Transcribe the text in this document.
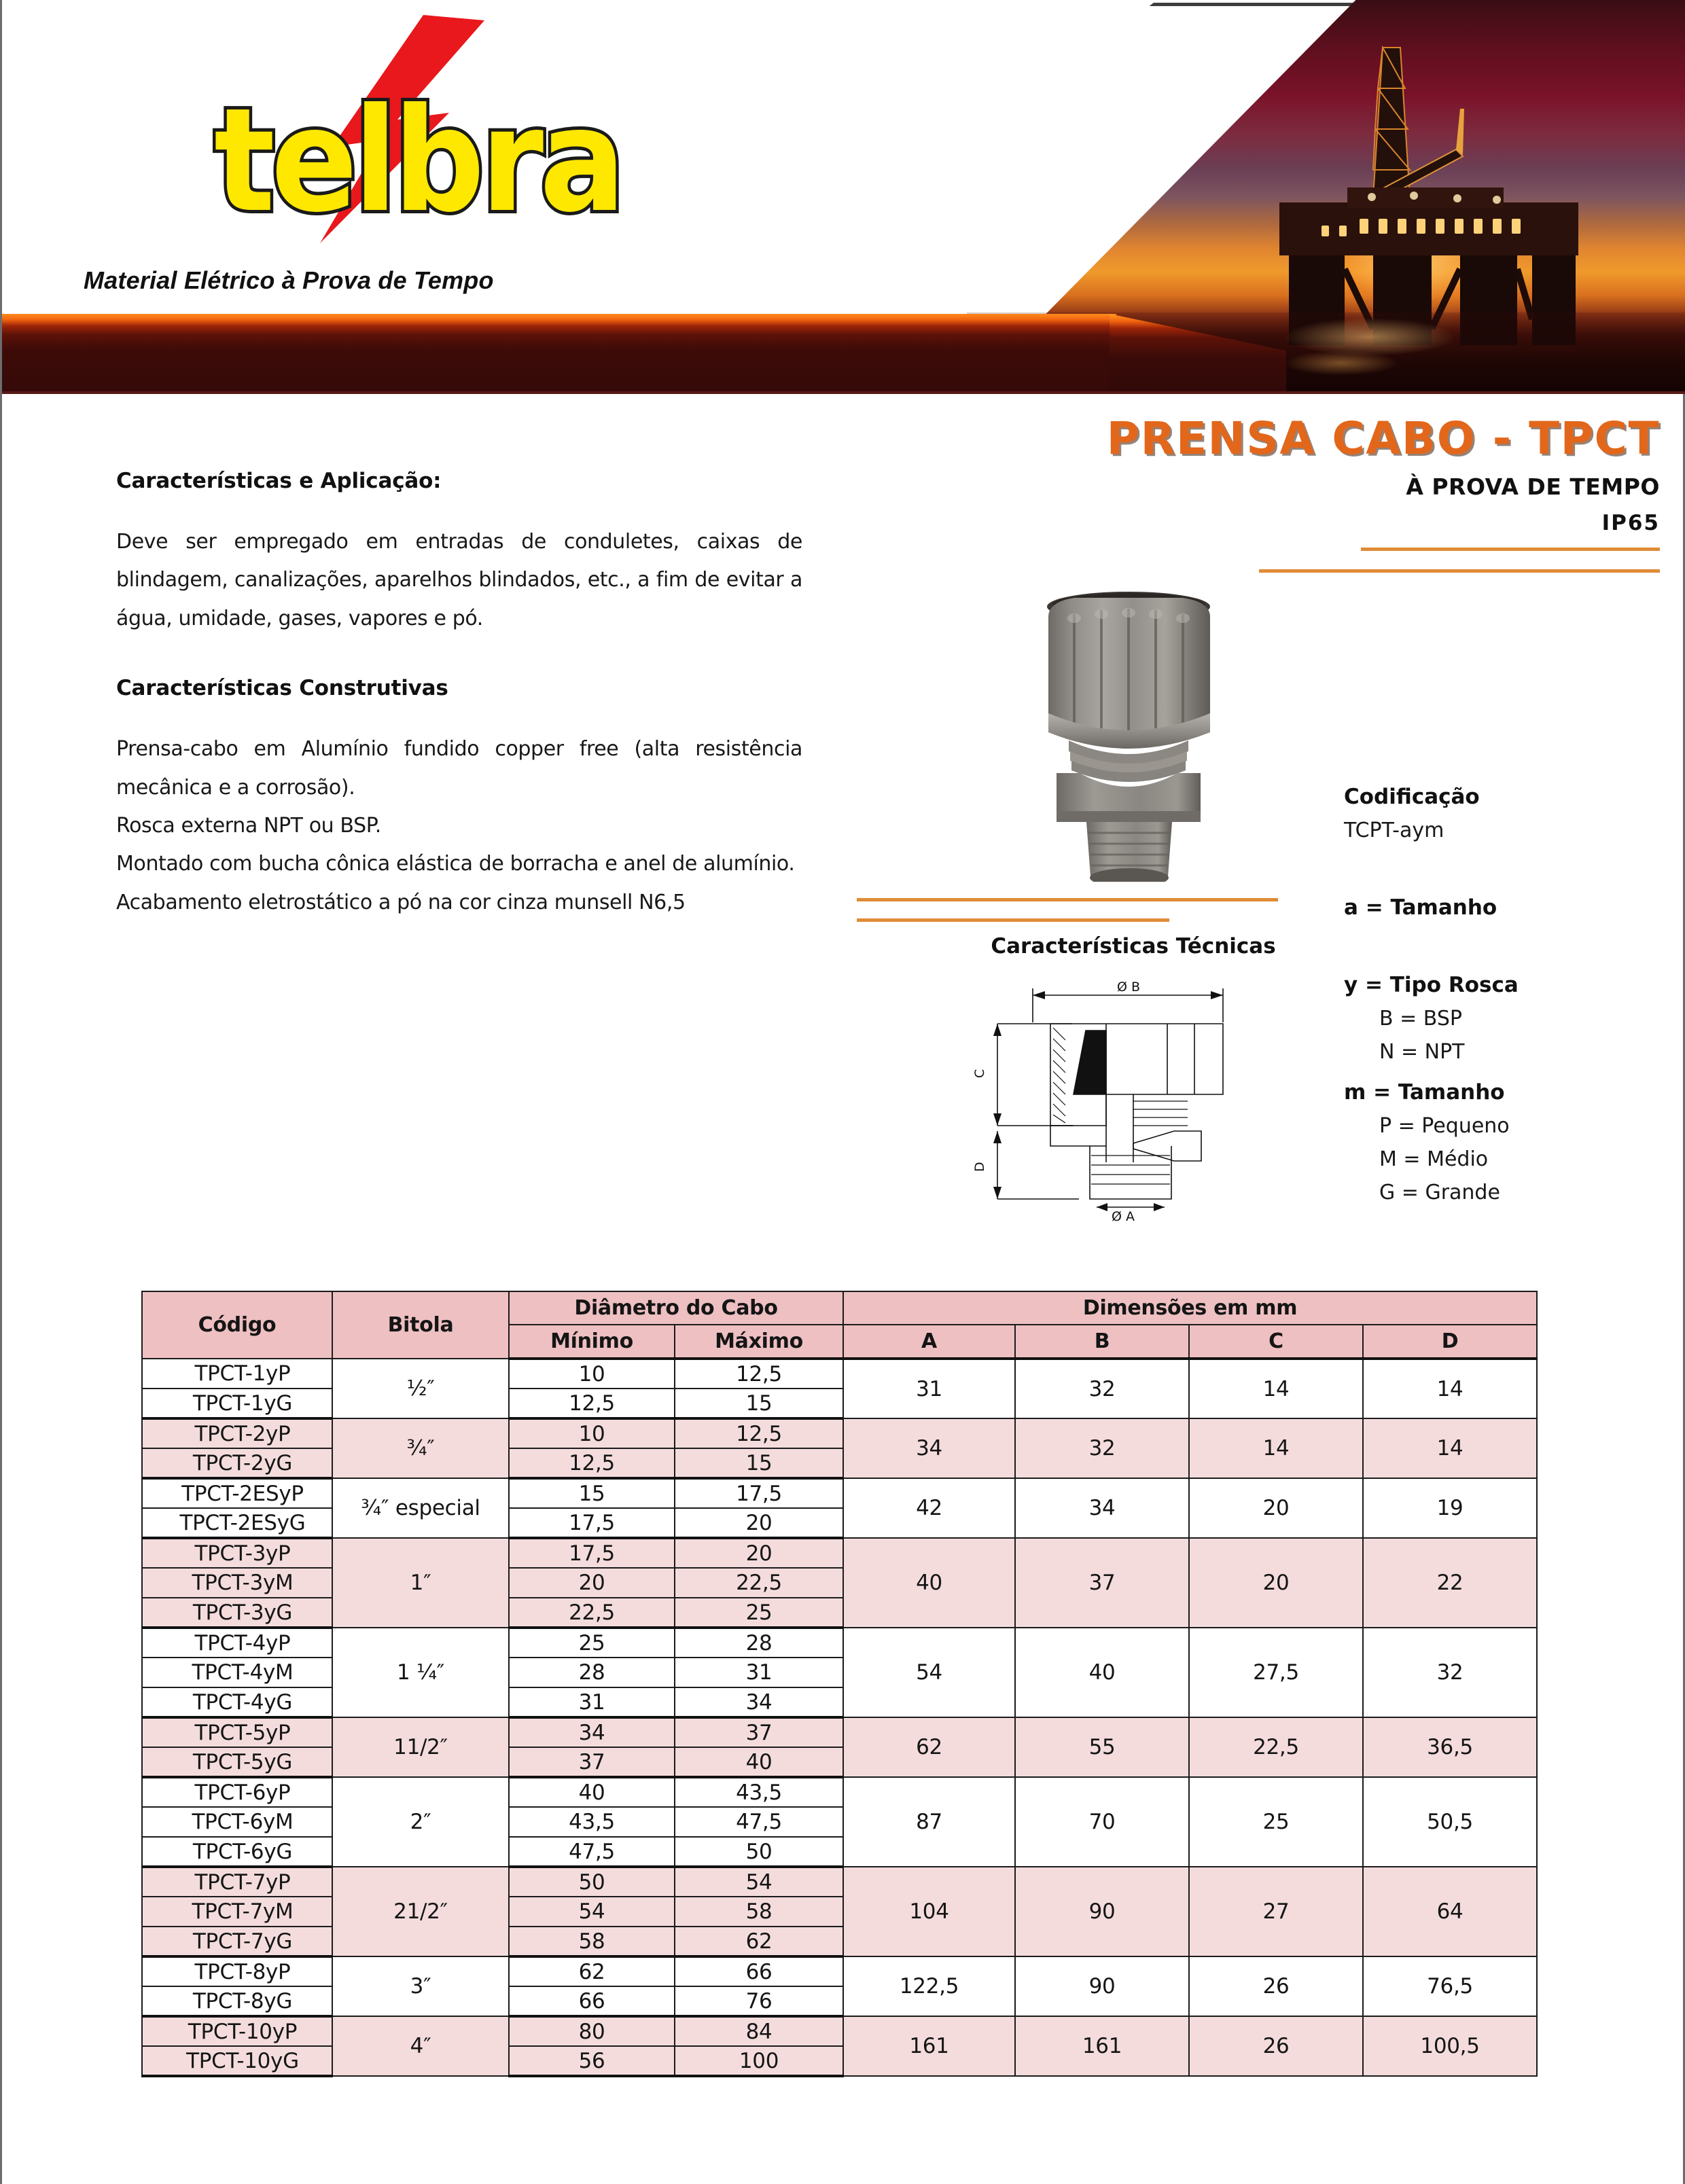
telbra
Material Elétrico à Prova de Tempo
PRENSA CABO - TPCT
À PROVA DE TEMPO
IP65
Características e Aplicação:
Deve ser empregado em entradas de conduletes, caixas de blindagem, canalizações, aparelhos blindados, etc., a fim de evitar a água, umidade, gases, vapores e pó.
Características Construtivas
Prensa-cabo em Alumínio fundido copper free (alta resistência mecânica e a corrosão).
Rosca externa NPT ou BSP.
Montado com bucha cônica elástica de borracha e anel de alumínio.
Acabamento eletrostático a pó na cor cinza munsell N6,5
Características Técnicas
Ø B
C
D
Ø A
Codificação
TCPT-aym
a = Tamanho
y = Tipo Rosca
B = BSP
N = NPT
m = Tamanho
P = Pequeno
M = Médio
G = Grande
Código	Bitola	Diâmetro do Cabo		Dimensões em mm			
		Mínimo	Máximo	A	B	C	D
TPCT-1yP	½″	10	12,5	31	32	14	14
TPCT-1yG		12,5	15				
TPCT-2yP	¾″	10	12,5	34	32	14	14
TPCT-2yG		12,5	15				
TPCT-2ESyP	¾″ especial	15	17,5	42	34	20	19
TPCT-2ESyG		17,5	20				
TPCT-3yP	1″	17,5	20	40	37	20	22
TPCT-3yM		20	22,5				
TPCT-3yG		22,5	25				
TPCT-4yP	1 ¼″	25	28	54	40	27,5	32
TPCT-4yM		28	31				
TPCT-4yG		31	34				
TPCT-5yP	11/2″	34	37	62	55	22,5	36,5
TPCT-5yG		37	40				
TPCT-6yP	2″	40	43,5	87	70	25	50,5
TPCT-6yM		43,5	47,5				
TPCT-6yG		47,5	50				
TPCT-7yP	21/2″	50	54	104	90	27	64
TPCT-7yM		54	58				
TPCT-7yG		58	62				
TPCT-8yP	3″	62	66	122,5	90	26	76,5
TPCT-8yG		66	76				
TPCT-10yP	4″	80	84	161	161	26	100,5
TPCT-10yG		56	100				
